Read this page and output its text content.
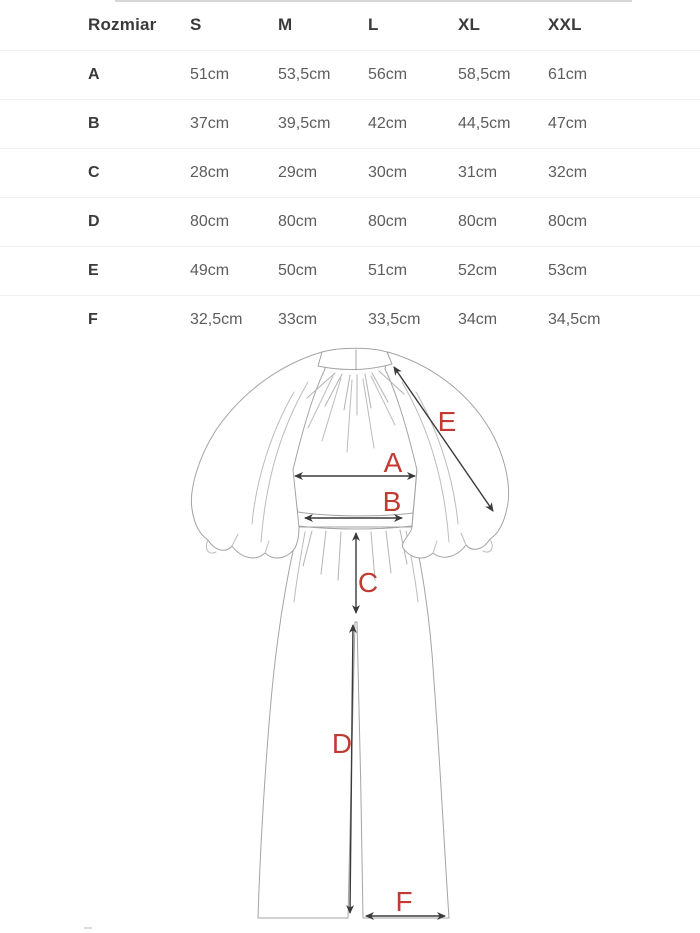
Rozmiar	S	M	L	XL	XXL
A	51cm	53,5cm	56cm	58,5cm	61cm
B	37cm	39,5cm	42cm	44,5cm	47cm
C	28cm	29cm	30cm	31cm	32cm
D	80cm	80cm	80cm	80cm	80cm
E	49cm	50cm	51cm	52cm	53cm
F	32,5cm	33cm	33,5cm	34cm	34,5cm
A
B
C
D
E
F
